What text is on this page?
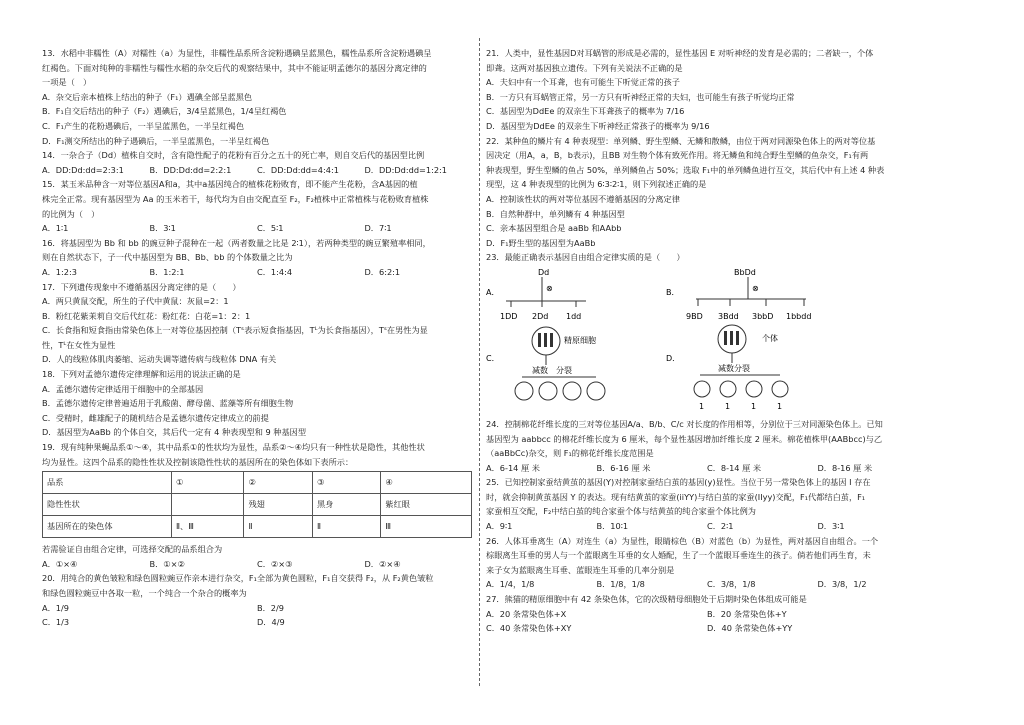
13．水稻中非糯性（A）对糯性（a）为显性，非糯性品系所含淀粉遇碘呈蓝黑色，糯性品系所含淀粉遇碘呈

红褐色。下面对纯种的非糯性与糯性水稻的杂交后代的观察结果中，其中不能证明孟德尔的基因分离定律的

一项是（　）

A．杂交后亲本植株上结出的种子（F₁）遇碘全部呈蓝黑色

B．F₁自交后结出的种子（F₂）遇碘后，3/4呈蓝黑色，1/4呈红褐色

C．F₁产生的花粉遇碘后，一半呈蓝黑色，一半呈红褐色

D．F₁测交所结出的种子遇碘后，一半呈蓝黑色，一半呈红褐色

14．一杂合子（Dd）植株自交时，含有隐性配子的花粉有百分之五十的死亡率，则自交后代的基因型比例

A．DD:Dd:dd=2:3:1	B．DD:Dd:dd=2:2:1	C．DD:Dd:dd=4:4:1	D．DD:Dd:dd=1:2:1

15．某玉米品种含一对等位基因A和a，其中a基因纯合的植株花粉败育，即不能产生花粉，含A基因的植

株完全正常。现有基因型为 Aa 的玉米若干，每代均为自由交配直至 F₂，F₂植株中正常植株与花粉败育植株

的比例为（　）

A．1∶1	B．3∶1	C．5∶1	D．7∶1

16．将基因型为 Bb 和 bb 的豌豆种子混种在一起（两者数量之比是 2∶1），若两种类型的豌豆繁殖率相同，

则在自然状态下，子一代中基因型为 BB、Bb、bb 的个体数量之比为

A．1:2:3	B．1:2:1	C．1:4:4	D．6:2:1

17．下列遗传现象中不遵循基因分离定律的是（　　）

A．两只黄鼠交配，所生的子代中黄鼠：灰鼠=2：1

B．粉红花紫茉莉自交后代红花：粉红花：白花=1：2：1

C．长食指和短食指由常染色体上一对等位基因控制（Tˢ表示短食指基因，Tᴸ为长食指基因），Tˢ在男性为显

性，Tᴸ在女性为显性

D．人的线粒体肌肉萎缩、运动失调等遗传病与线粒体 DNA 有关

18．下列对孟德尔遗传定律理解和运用的说法正确的是

A．孟德尔遗传定律适用于细胞中的全部基因

B．孟德尔遗传定律普遍适用于乳酸菌、酵母菌、蓝藻等所有细胞生物

C．受精时，雌雄配子的随机结合是孟德尔遗传定律成立的前提

D．基因型为AaBb 的个体自交，其后代一定有 4 种表现型和 9 种基因型

19．现有纯种果蝇品系①～④，其中品系①的性状均为显性，品系②～④均只有一种性状是隐性，其他性状

均为显性。这四个品系的隐性性状及控制该隐性性状的基因所在的染色体如下表所示：

品系	①	②	③	④
隐性性状		残翅	黑身	紫红眼
基因所在的染色体	Ⅱ、Ⅲ	Ⅱ	Ⅱ	Ⅲ

若需验证自由组合定律，可选择交配的品系组合为

A．①×④	B．①×②	C．②×③	D．②×④

20．用纯合的黄色皱粒和绿色圆粒豌豆作亲本进行杂交，F₁全部为黄色圆粒，F₁自交获得 F₂，从 F₂黄色皱粒

和绿色圆粒豌豆中各取一粒，一个纯合一个杂合的概率为

A．1/9	B．2/9
C．1/3	D．4/9

21．人类中，显性基因D对耳蜗管的形成是必需的，显性基因 E 对听神经的发育是必需的；二者缺一，个体

即聋。这两对基因独立遗传。下列有关说法不正确的是

A．夫妇中有一个耳聋，也有可能生下听觉正常的孩子

B．一方只有耳蜗管正常，另一方只有听神经正常的夫妇，也可能生有孩子听觉均正常

C．基因型为DdEe 的双亲生下耳聋孩子的概率为 7/16

D．基因型为DdEe 的双亲生下听神经正常孩子的概率为 9/16

22．某种鱼的鳞片有 4 种表现型：单列鳞、野生型鳞、无鳞和散鳞，由位于两对同源染色体上的两对等位基

因决定（用A，a，B，b表示)，且BB 对生物个体有致死作用。将无鳞鱼和纯合野生型鳞的鱼杂交，F₁有两

种表现型，野生型鳞的鱼占 50%，单列鳞鱼占 50%；选取 F₁中的单列鳞鱼进行互交，其后代中有上述 4 种表

现型，这 4 种表现型的比例为 6∶3∶2∶1，则下列叙述正确的是

A．控制该性状的两对等位基因不遵循基因的分离定律

B．自然种群中，单列鳞有 4 种基因型

C．亲本基因型组合是 aaBb 和AAbb

D．F₁野生型的基因型为AaBb

23．最能正确表示基因自由组合定律实质的是（　　）

A．
Dd
⊗
1DD 2Dd 1dd
B．
BbDd
⊗
9BD 3Bdd 3bbD 1bbdd
C．
精原细胞
减数　分裂
D．
个体
减数分裂
1	1	1	1

24．控制棉花纤维长度的三对等位基因A/a、B/b、C/c 对长度的作用相等，分别位于三对同源染色体上。已知

基因型为 aabbcc 的棉花纤维长度为 6 厘米，每个显性基因增加纤维长度 2 厘米。棉花植株甲(AABbcc)与乙

（aaBbCc)杂交，则 F₁的棉花纤维长度范围是

A．6-14 厘 米	B．6-16 厘 米	C．8-14 厘 米	D．8-16 厘 米

25．已知控制家蚕结黄茧的基因(Y)对控制家蚕结白茧的基因(y)显性。当位于另一常染色体上的基因 I 存在

时，就会抑制黄茧基因 Y 的表达。现有结黄茧的家蚕(iiYY)与结白茧的家蚕(IIyy)交配，F₁代都结白茧，F₁

家蚕相互交配，F₂中结白茧的纯合家蚕个体与结黄茧的纯合家蚕个体比例为

A．9∶1	B．10∶1	C．2∶1	D．3∶1

26．人体耳垂离生（A）对连生（a）为显性，眼睛棕色（B）对蓝色（b）为显性，两对基因自由组合。一个

棕眼离生耳垂的男人与一个蓝眼离生耳垂的女人婚配，生了一个蓝眼耳垂连生的孩子。倘若他们再生育，未

来子女为蓝眼离生耳垂、蓝眼连生耳垂的几率分别是

A．1/4，1/8	B．1/8，1/8	C．3/8，1/8	D．3/8，1/2

27．熊猫的精原细胞中有 42 条染色体，它的次级精母细胞处于后期时染色体组成可能是

A．20 条常染色体+X	B．20 条常染色体+Y
C．40 条常染色体+XY	D．40 条常染色体+YY
